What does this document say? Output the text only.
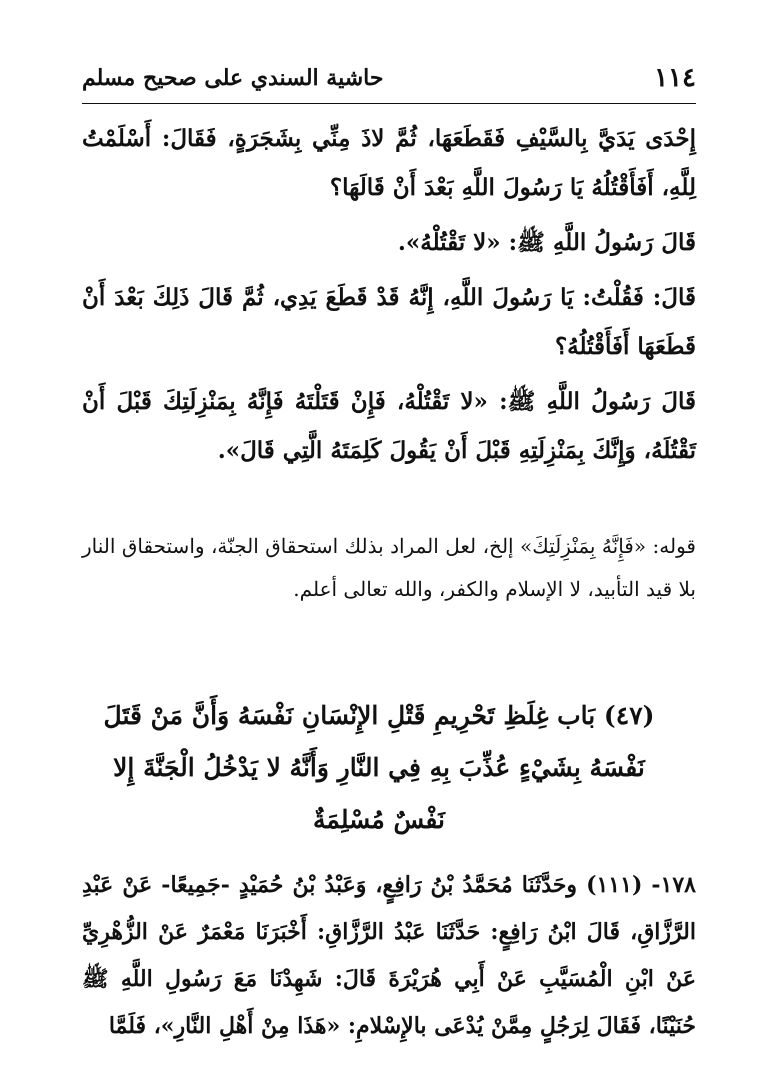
١١٤
حاشية السندي على صحيح مسلم

إِحْدَى يَدَيَّ بِالسَّيْفِ فَقَطَعَهَا، ثُمَّ لاذَ مِنِّي بِشَجَرَةٍ، فَقَالَ: أَسْلَمْتُ لِلَّهِ، أَفَأَقْتُلُهُ يَا رَسُولَ اللَّهِ بَعْدَ أَنْ قَالَهَا؟

قَالَ رَسُولُ اللَّهِ ﷺ: «لا تَقْتُلْهُ».

قَالَ: فَقُلْتُ: يَا رَسُولَ اللَّهِ، إِنَّهُ قَدْ قَطَعَ يَدِي، ثُمَّ قَالَ ذَلِكَ بَعْدَ أَنْ قَطَعَهَا أَفَأَقْتُلُهُ؟

قَالَ رَسُولُ اللَّهِ ﷺ: «لا تَقْتُلْهُ، فَإِنْ قَتَلْتَهُ فَإِنَّهُ بِمَنْزِلَتِكَ قَبْلَ أَنْ تَقْتُلَهُ، وَإِنَّكَ بِمَنْزِلَتِهِ قَبْلَ أَنْ يَقُولَ كَلِمَتَهُ الَّتِي قَالَ».

قوله: «فَإِنَّهُ بِمَنْزِلَتِكَ» إلخ، لعل المراد بذلك استحقاق الجنّة، واستحقاق النار بلا قيد التأبيد، لا الإسلام والكفر، والله تعالى أعلم.

(٤٧) بَاب غِلَظِ تَحْرِيمِ قَتْلِ الإِنْسَانِ نَفْسَهُ وَأَنَّ مَنْ قَتَلَ نَفْسَهُ بِشَيْءٍ عُذِّبَ بِهِ فِي النَّارِ وَأَنَّهُ لا يَدْخُلُ الْجَنَّةَ إِلا نَفْسٌ مُسْلِمَةٌ

١٧٨- (١١١) وحَدَّثَنَا مُحَمَّدُ بْنُ رَافِعٍ، وَعَبْدُ بْنُ حُمَيْدٍ -جَمِيعًا- عَنْ عَبْدِ الرَّزَّاقِ، قَالَ ابْنُ رَافِعٍ: حَدَّثَنَا عَبْدُ الرَّزَّاقِ: أَخْبَرَنَا مَعْمَرٌ عَنْ الزُّهْرِيِّ عَنْ ابْنِ الْمُسَيَّبِ عَنْ أَبِي هُرَيْرَةَ قَالَ: شَهِدْنَا مَعَ رَسُولِ اللَّهِ ﷺ حُنَيْنًا، فَقَالَ لِرَجُلٍ مِمَّنْ يُدْعَى بالإِسْلامِ: «هَذَا مِنْ أَهْلِ النَّارِ»، فَلَمَّا
